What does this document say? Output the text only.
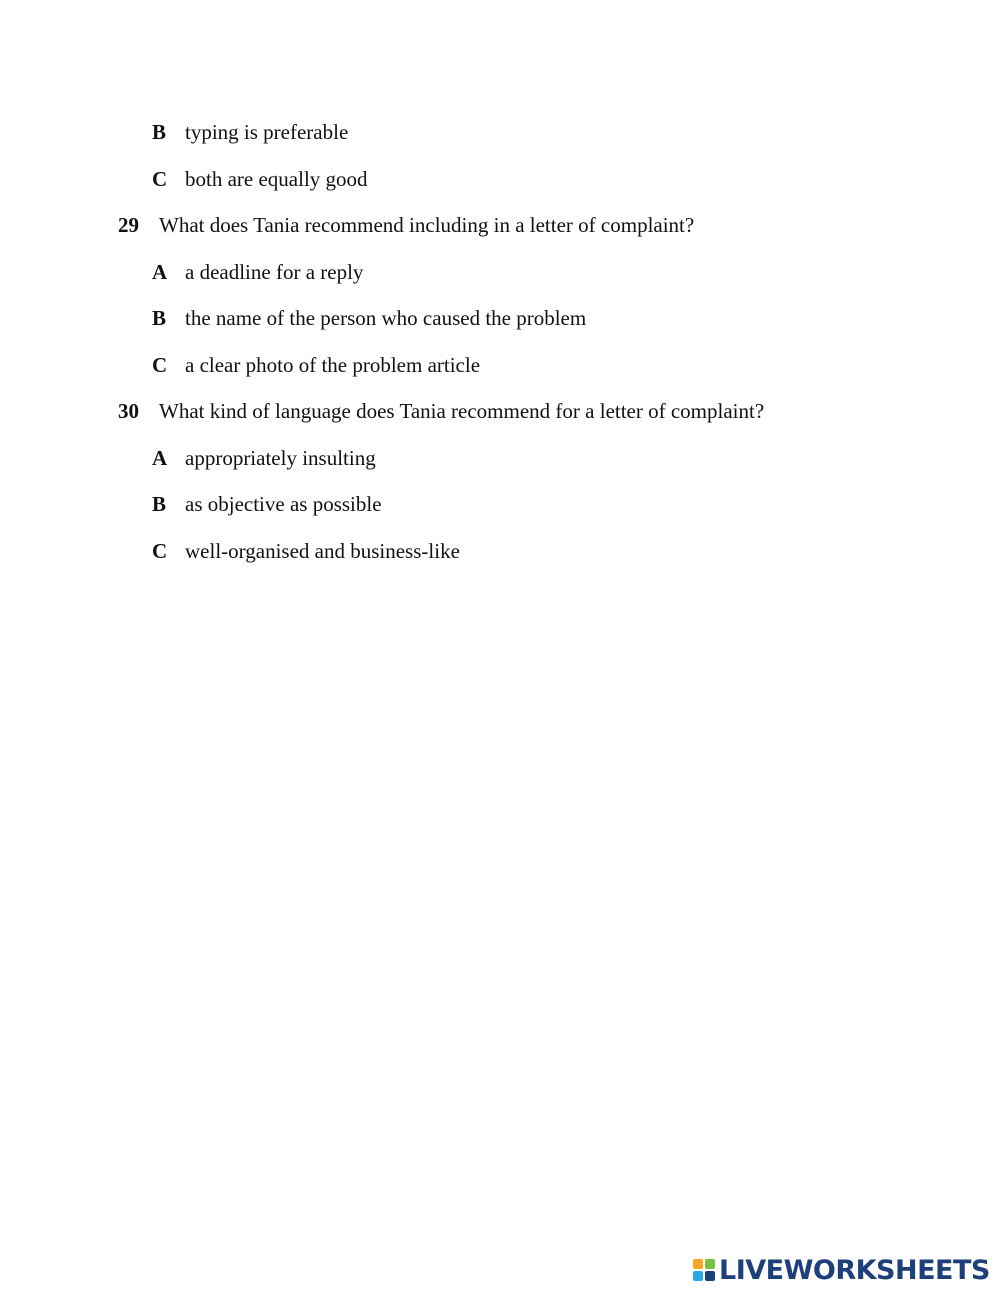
B typing is preferable
C both are equally good
29 What does Tania recommend including in a letter of complaint?
A a deadline for a reply
B the name of the person who caused the problem
C a clear photo of the problem article
30 What kind of language does Tania recommend for a letter of complaint?
A appropriately insulting
B as objective as possible
C well-organised and business-like
LIVEWORKSHEETS
